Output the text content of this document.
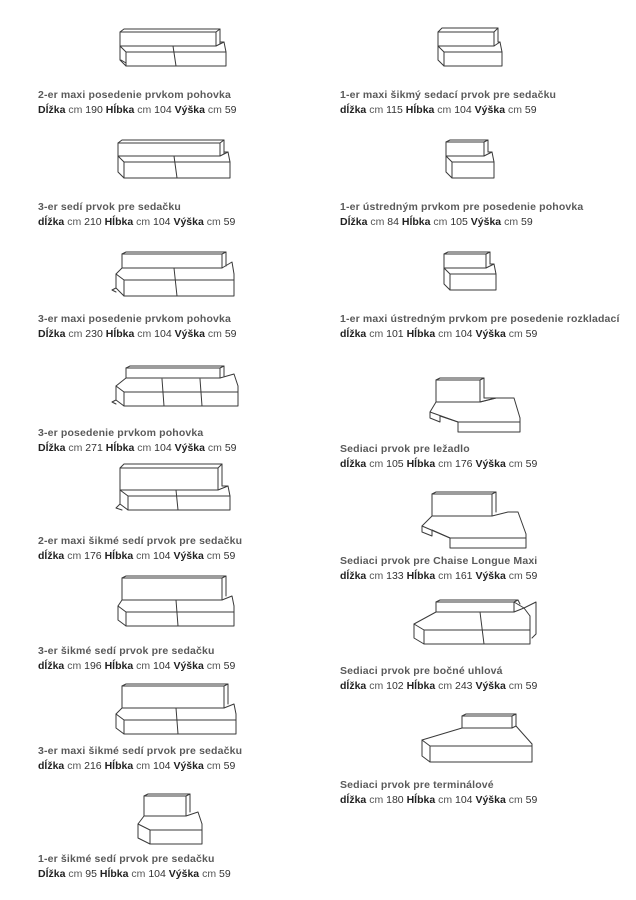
2-er maxi posedenie prvkom pohovka
Dĺžka cm 190 Hĺbka cm 104 Výška cm 59
3-er sedí prvok pre sedačku
dĺžka cm 210 Hĺbka cm 104 Výška cm 59
3-er maxi posedenie prvkom pohovka
Dĺžka cm 230 Hĺbka cm 104 Výška cm 59
3-er posedenie prvkom pohovka
Dĺžka cm 271 Hĺbka cm 104 Výška cm 59
2-er maxi šikmé sedí prvok pre sedačku
dĺžka cm 176 Hĺbka cm 104 Výška cm 59
3-er šikmé sedí prvok pre sedačku
dĺžka cm 196 Hĺbka cm 104 Výška cm 59
3-er maxi šikmé sedí prvok pre sedačku
dĺžka cm 216 Hĺbka cm 104 Výška cm 59
1-er šikmé sedí prvok pre sedačku
Dĺžka cm 95 Hĺbka cm 104 Výška cm 59
1-er maxi šikmý sedací prvok pre sedačku
dĺžka cm 115 Hĺbka cm 104 Výška cm 59
1-er ústredným prvkom pre posedenie pohovka
Dĺžka cm 84 Hĺbka cm 105 Výška cm 59
1-er maxi ústredným prvkom pre posedenie rozkladací
dĺžka cm 101 Hĺbka cm 104 Výška cm 59
Sediaci prvok pre ležadlo
dĺžka cm 105 Hĺbka cm 176 Výška cm 59
Sediaci prvok pre Chaise Longue Maxi
dĺžka cm 133 Hĺbka cm 161 Výška cm 59
Sediaci prvok pre bočné uhlová
dĺžka cm 102 Hĺbka cm 243 Výška cm 59
Sediaci prvok pre terminálové
dĺžka cm 180 Hĺbka cm 104 Výška cm 59
